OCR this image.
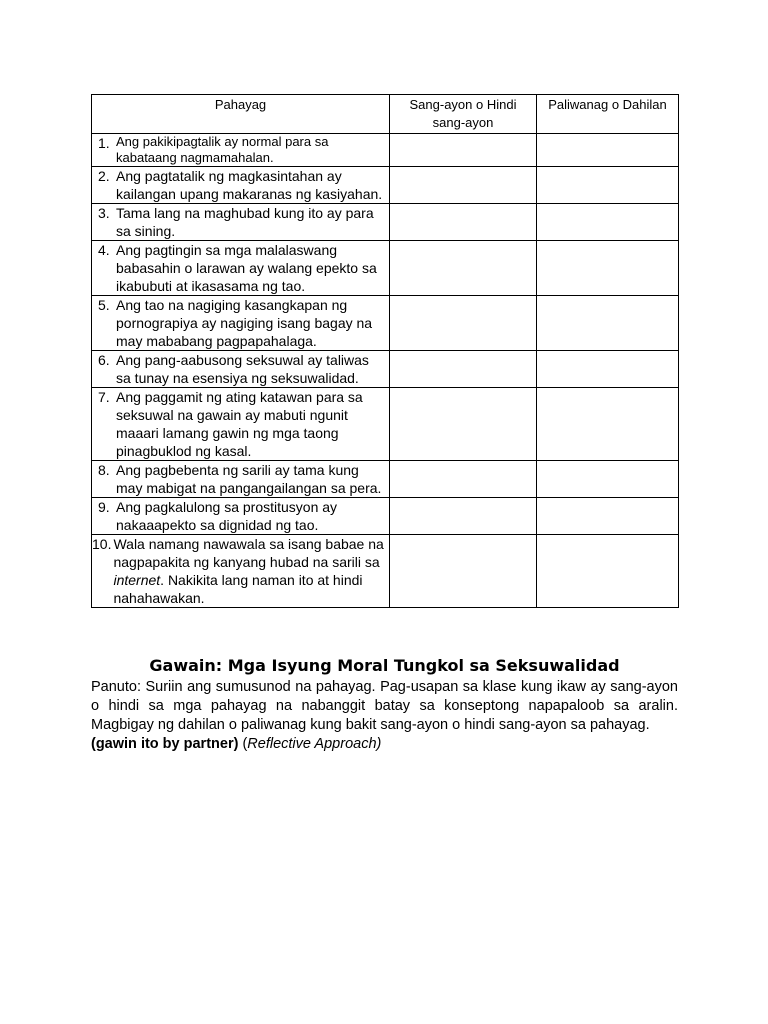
Pahayag	Sang-ayon o Hindi sang-ayon	Paliwanag o Dahilan

1. Ang pakikipagtalik ay normal para sa kabataang nagmamahalan.		

2. Ang pagtatalik ng magkasintahan ay kailangan upang makaranas ng kasiyahan.		

3. Tama lang na maghubad kung ito ay para sa sining.		

4. Ang pagtingin sa mga malalaswang babasahin o larawan ay walang epekto sa ikabubuti at ikasasama ng tao.		

5. Ang tao na nagiging kasangkapan ng pornograpiya ay nagiging isang bagay na may mababang pagpapahalaga.		

6. Ang pang-aabusong seksuwal ay taliwas sa tunay na esensiya ng seksuwalidad.		

7. Ang paggamit ng ating katawan para sa seksuwal na gawain ay mabuti ngunit maaari lamang gawin ng mga taong pinagbuklod ng kasal.		

8. Ang pagbebenta ng sarili ay tama kung may mabigat na pangangailangan sa pera.		

9. Ang pagkalulong sa prostitusyon ay nakaaapekto sa dignidad ng tao.		

10. Wala namang nawawala sa isang babae na nagpapakita ng kanyang hubad na sarili sa internet. Nakikita lang naman ito at hindi nahahawakan.		

Gawain: Mga Isyung Moral Tungkol sa Seksuwalidad
Panuto: Suriin ang sumusunod na pahayag. Pag-usapan sa klase kung ikaw ay sang-ayon o hindi sa mga pahayag na nabanggit batay sa konseptong napapaloob sa aralin. Magbigay ng dahilan o paliwanag kung bakit sang-ayon o hindi sang-ayon sa pahayag.
(gawin ito by partner) (Reflective Approach)
